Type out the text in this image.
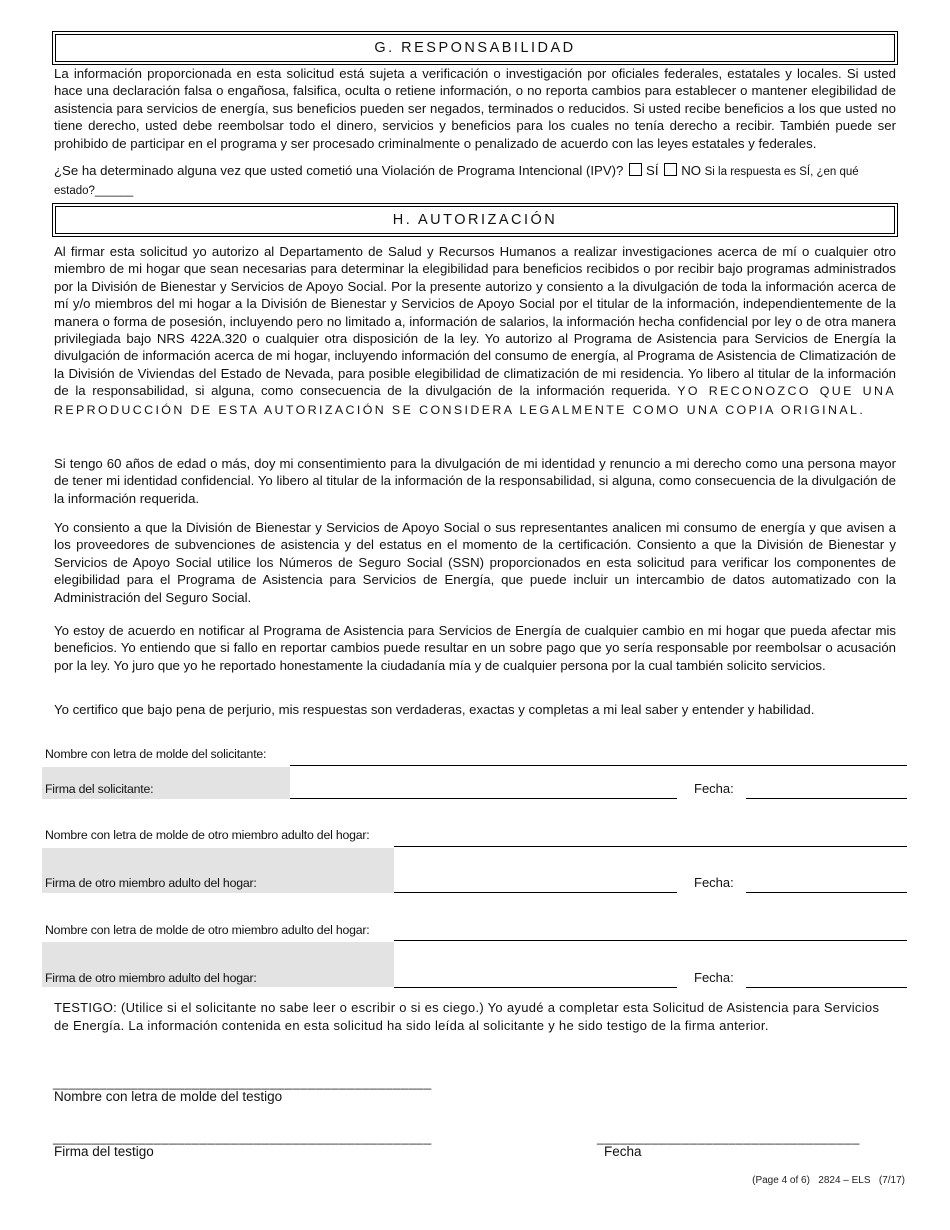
G. RESPONSABILIDAD
La información proporcionada en esta solicitud está sujeta a verificación o investigación por oficiales federales, estatales y locales. Si usted hace una declaración falsa o engañosa, falsifica, oculta o retiene información, o no reporta cambios para establecer o mantener elegibilidad de asistencia para servicios de energía, sus beneficios pueden ser negados, terminados o reducidos. Si usted recibe beneficios a los que usted no tiene derecho, usted debe reembolsar todo el dinero, servicios y beneficios para los cuales no tenía derecho a recibir. También puede ser prohibido de participar en el programa y ser procesado criminalmente o penalizado de acuerdo con las leyes estatales y federales.
¿Se ha determinado alguna vez que usted cometió una Violación de Programa Intencional (IPV)? SÍ NO Si la respuesta es SÍ, ¿en qué estado?______
H. AUTORIZACIÓN
Al firmar esta solicitud yo autorizo al Departamento de Salud y Recursos Humanos a realizar investigaciones acerca de mí o cualquier otro miembro de mi hogar que sean necesarias para determinar la elegibilidad para beneficios recibidos o por recibir bajo programas administrados por la División de Bienestar y Servicios de Apoyo Social. Por la presente autorizo y consiento a la divulgación de toda la información acerca de mí y/o miembros del mi hogar a la División de Bienestar y Servicios de Apoyo Social por el titular de la información, independientemente de la manera o forma de posesión, incluyendo pero no limitado a, información de salarios, la información hecha confidencial por ley o de otra manera privilegiada bajo NRS 422A.320 o cualquier otra disposición de la ley. Yo autorizo al Programa de Asistencia para Servicios de Energía la divulgación de información acerca de mi hogar, incluyendo información del consumo de energía, al Programa de Asistencia de Climatización de la División de Viviendas del Estado de Nevada, para posible elegibilidad de climatización de mi residencia. Yo libero al titular de la información de la responsabilidad, si alguna, como consecuencia de la divulgación de la información requerida. YO RECONOZCO QUE UNA REPRODUCCIÓN DE ESTA AUTORIZACIÓN SE CONSIDERA LEGALMENTE COMO UNA COPIA ORIGINAL.
Si tengo 60 años de edad o más, doy mi consentimiento para la divulgación de mi identidad y renuncio a mi derecho como una persona mayor de tener mi identidad confidencial. Yo libero al titular de la información de la responsabilidad, si alguna, como consecuencia de la divulgación de la información requerida.
Yo consiento a que la División de Bienestar y Servicios de Apoyo Social o sus representantes analicen mi consumo de energía y que avisen a los proveedores de subvenciones de asistencia y del estatus en el momento de la certificación. Consiento a que la División de Bienestar y Servicios de Apoyo Social utilice los Números de Seguro Social (SSN) proporcionados en esta solicitud para verificar los componentes de elegibilidad para el Programa de Asistencia para Servicios de Energía, que puede incluir un intercambio de datos automatizado con la Administración del Seguro Social.
Yo estoy de acuerdo en notificar al Programa de Asistencia para Servicios de Energía de cualquier cambio en mi hogar que pueda afectar mis beneficios. Yo entiendo que si fallo en reportar cambios puede resultar en un sobre pago que yo sería responsable por reembolsar o acusación por la ley. Yo juro que yo he reportado honestamente la ciudadanía mía y de cualquier persona por la cual también solicito servicios.
Yo certifico que bajo pena de perjurio, mis respuestas son verdaderas, exactas y completas a mi leal saber y entender y habilidad.
Nombre con letra de molde del solicitante:
Firma del solicitante:	Fecha:
Nombre con letra de molde de otro miembro adulto del hogar:
Firma de otro miembro adulto del hogar:	Fecha:
Nombre con letra de molde de otro miembro adulto del hogar:
Firma de otro miembro adulto del hogar:	Fecha:
TESTIGO: (Utilice si el solicitante no sabe leer o escribir o si es ciego.) Yo ayudé a completar esta Solicitud de Asistencia para Servicios de Energía. La información contenida en esta solicitud ha sido leída al solicitante y he sido testigo de la firma anterior.
_________________________________________________
Nombre con letra de molde del testigo
_________________________________________________
Firma del testigo
__________________________________
Fecha
(Page 4 of 6) 2824 – ELS (7/17)
